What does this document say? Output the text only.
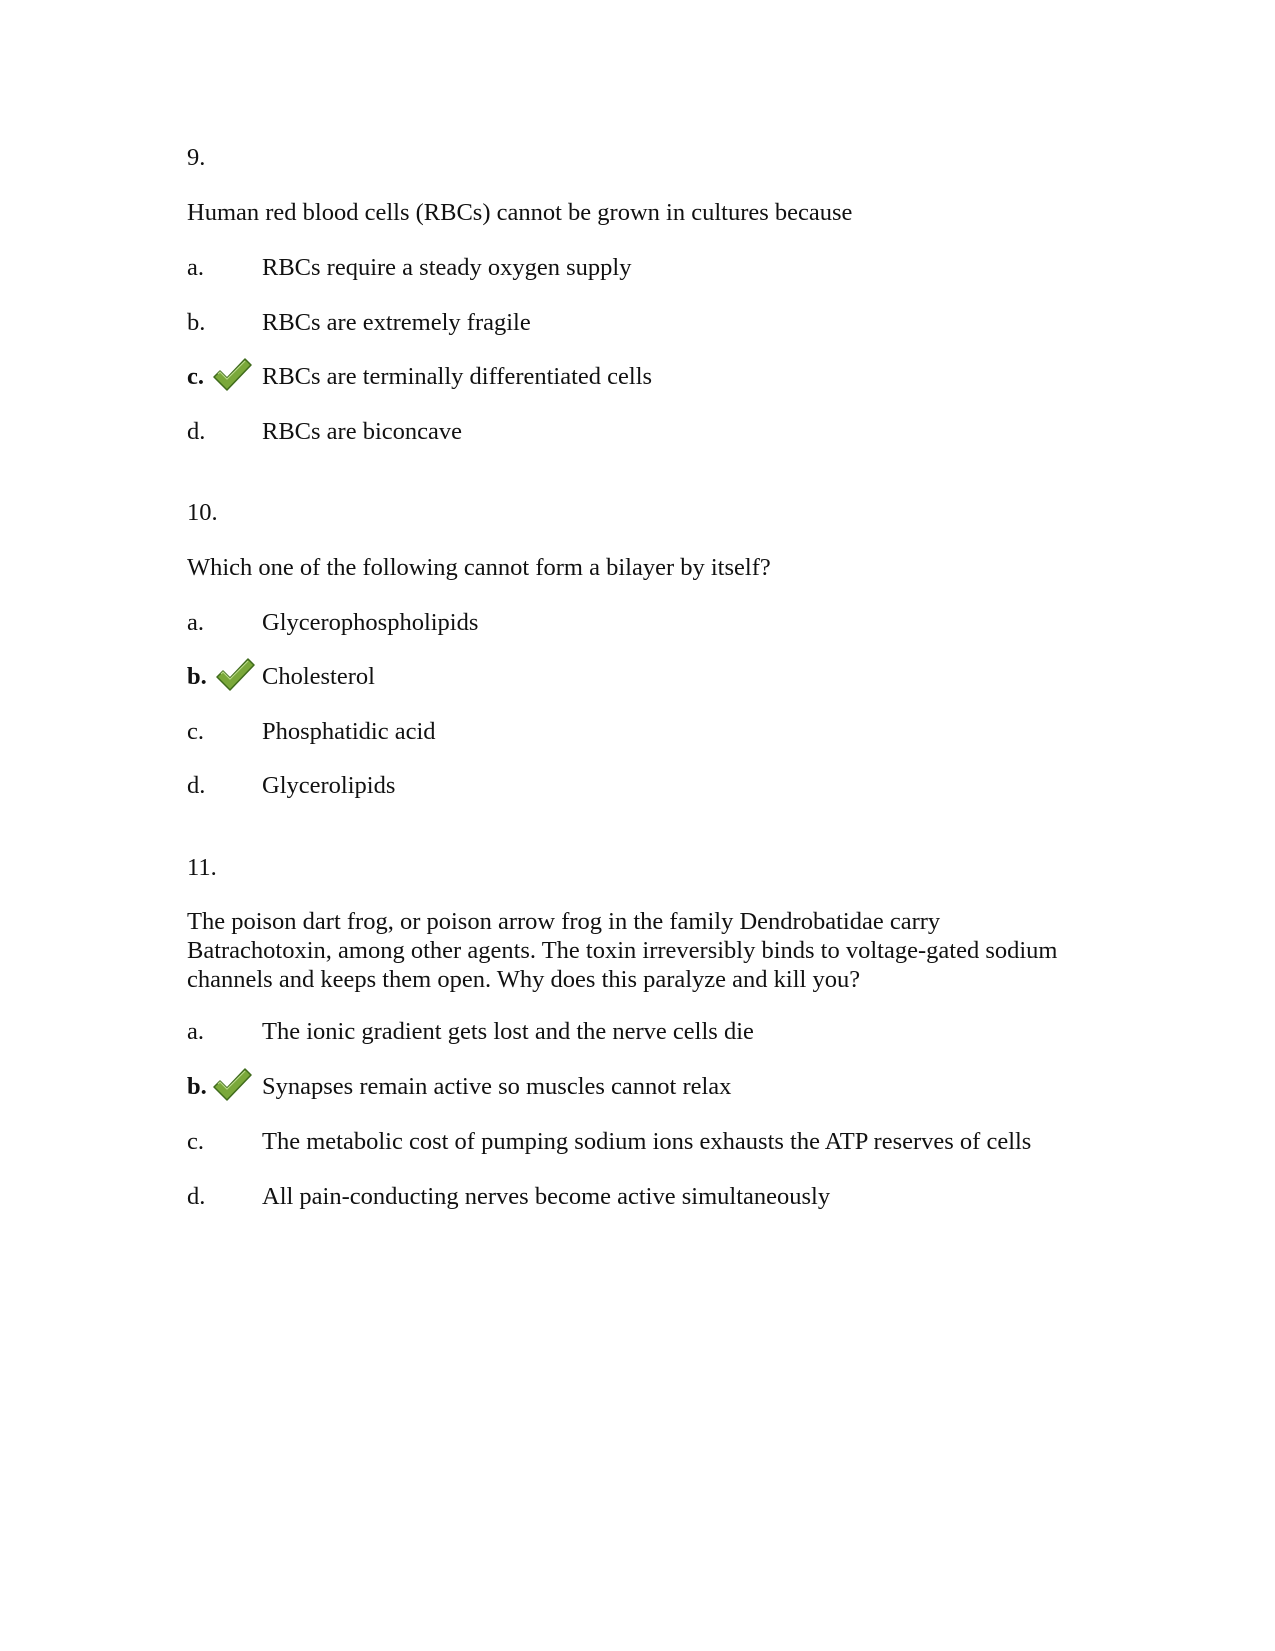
9.
Human red blood cells (RBCs) cannot be grown in cultures because
a. RBCs require a steady oxygen supply
b. RBCs are extremely fragile
c. RBCs are terminally differentiated cells
d. RBCs are biconcave
10.
Which one of the following cannot form a bilayer by itself?
a. Glycerophospholipids
b. Cholesterol
c. Phosphatidic acid
d. Glycerolipids
11.
The poison dart frog, or poison arrow frog in the family Dendrobatidae carry
Batrachotoxin, among other agents. The toxin irreversibly binds to voltage-gated sodium
channels and keeps them open. Why does this paralyze and kill you?
a. The ionic gradient gets lost and the nerve cells die
b. Synapses remain active so muscles cannot relax
c. The metabolic cost of pumping sodium ions exhausts the ATP reserves of cells
d. All pain-conducting nerves become active simultaneously
